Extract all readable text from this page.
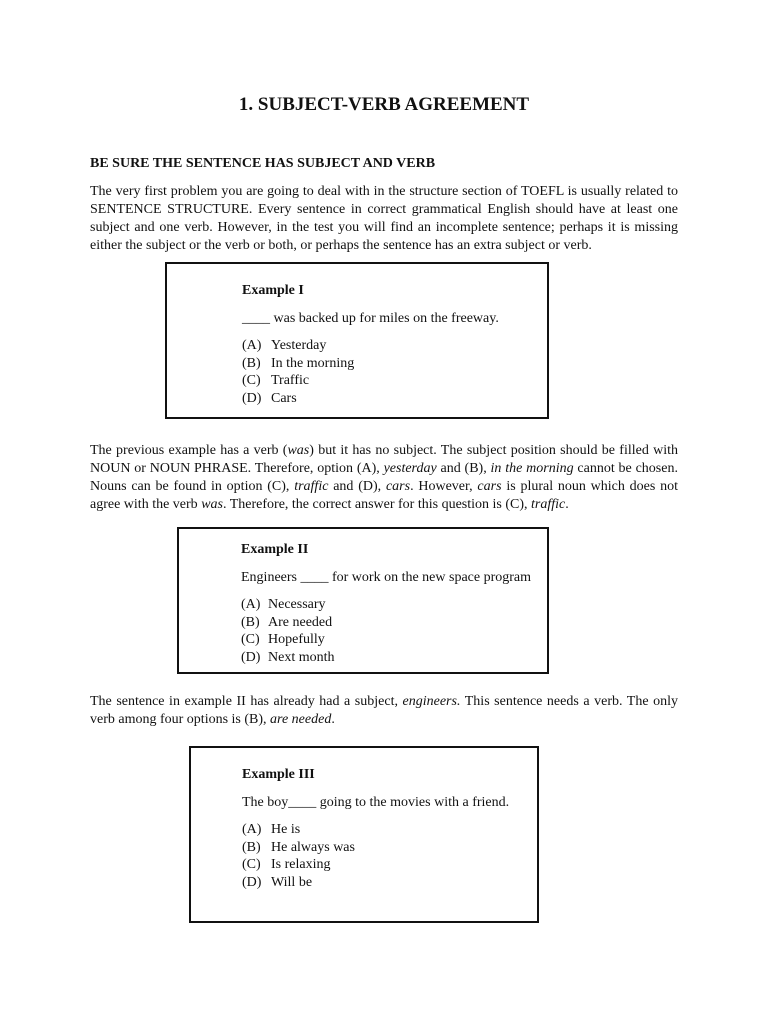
1. SUBJECT-VERB AGREEMENT
BE SURE THE SENTENCE HAS SUBJECT AND VERB

The very first problem you are going to deal with in the structure section of TOEFL is usually related to SENTENCE STRUCTURE. Every sentence in correct grammatical English should have at least one subject and one verb. However, in the test you will find an incomplete sentence; perhaps it is missing either the subject or the verb or both, or perhaps the sentence has an extra subject or verb.

Example I

____ was backed up for miles on the freeway.

(A) Yesterday
(B) In the morning
(C) Traffic
(D) Cars

The previous example has a verb (was) but it has no subject. The subject position should be filled with NOUN or NOUN PHRASE. Therefore, option (A), yesterday and (B), in the morning cannot be chosen. Nouns can be found in option (C), traffic and (D), cars. However, cars is plural noun which does not agree with the verb was. Therefore, the correct answer for this question is (C), traffic.

Example II

Engineers ____ for work on the new space program

(A) Necessary
(B) Are needed
(C) Hopefully
(D) Next month

The sentence in example II has already had a subject, engineers. This sentence needs a verb. The only verb among four options is (B), are needed.

Example III

The boy____ going to the movies with a friend.

(A) He is
(B) He always was
(C) Is relaxing
(D) Will be
